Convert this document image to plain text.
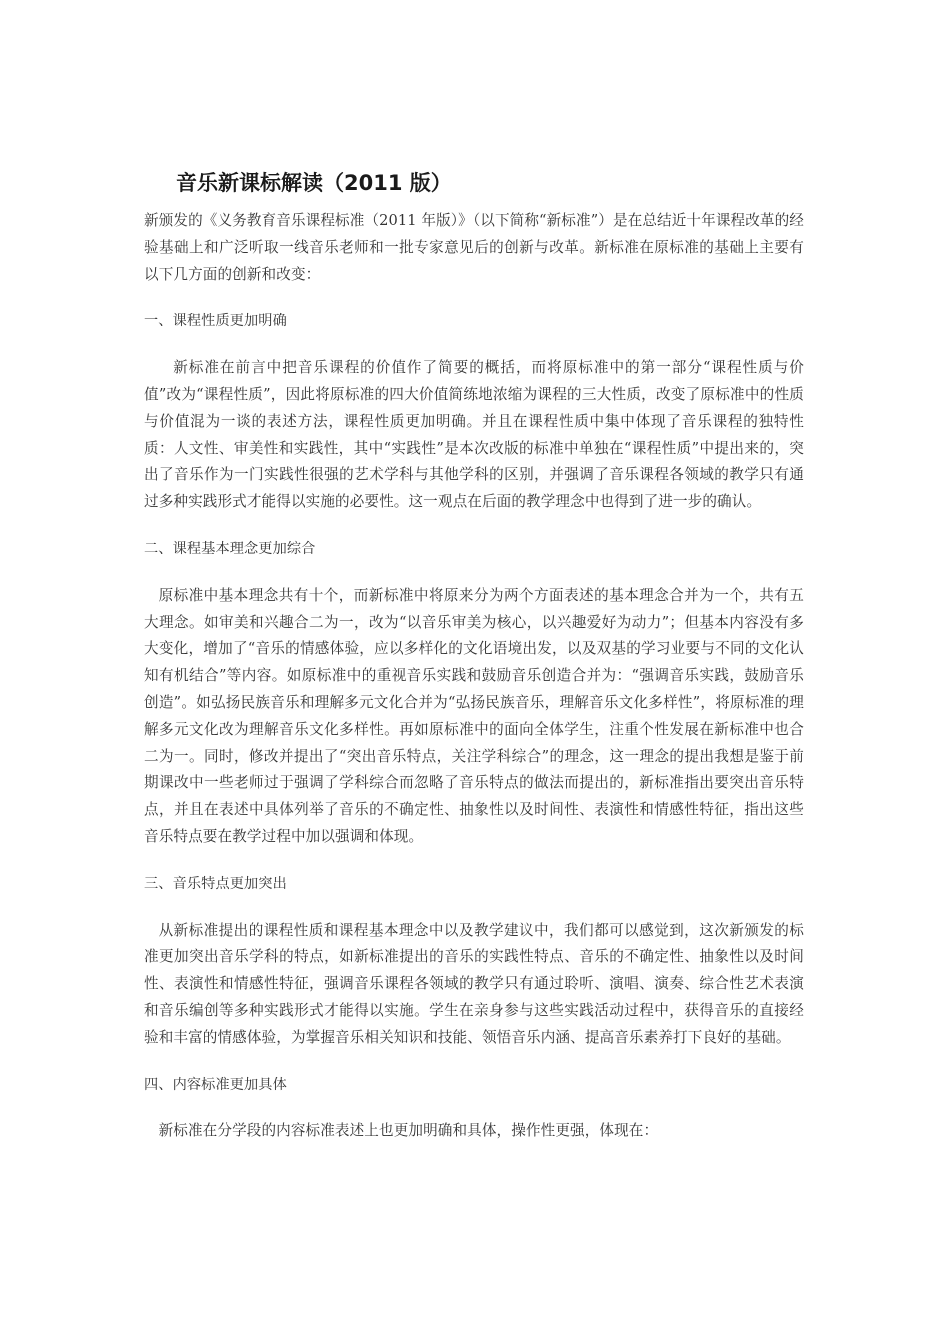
音乐新课标解读（2011 版）

新颁发的《义务教育音乐课程标准（2011 年版）》（以下简称“新标准”）是在总结近十年课程改革的经验基础上和广泛听取一线音乐老师和一批专家意见后的创新与改革。新标准在原标准的基础上主要有以下几方面的创新和改变：

一、课程性质更加明确

新标准在前言中把音乐课程的价值作了简要的概括，而将原标准中的第一部分“课程性质与价值”改为“课程性质”，因此将原标准的四大价值简练地浓缩为课程的三大性质，改变了原标准中的性质与价值混为一谈的表述方法，课程性质更加明确。并且在课程性质中集中体现了音乐课程的独特性质：人文性、审美性和实践性，其中“实践性”是本次改版的标准中单独在“课程性质”中提出来的，突出了音乐作为一门实践性很强的艺术学科与其他学科的区别，并强调了音乐课程各领域的教学只有通过多种实践形式才能得以实施的必要性。这一观点在后面的教学理念中也得到了进一步的确认。

二、课程基本理念更加综合

原标准中基本理念共有十个，而新标准中将原来分为两个方面表述的基本理念合并为一个，共有五大理念。如审美和兴趣合二为一，改为“以音乐审美为核心，以兴趣爱好为动力”；但基本内容没有多大变化，增加了“音乐的情感体验，应以多样化的文化语境出发，以及双基的学习业要与不同的文化认知有机结合”等内容。如原标准中的重视音乐实践和鼓励音乐创造合并为：“强调音乐实践，鼓励音乐创造”。如弘扬民族音乐和理解多元文化合并为“弘扬民族音乐，理解音乐文化多样性”，将原标准的理解多元文化改为理解音乐文化多样性。再如原标准中的面向全体学生，注重个性发展在新标准中也合二为一。同时，修改并提出了“突出音乐特点，关注学科综合”的理念，这一理念的提出我想是鉴于前期课改中一些老师过于强调了学科综合而忽略了音乐特点的做法而提出的，新标准指出要突出音乐特点，并且在表述中具体列举了音乐的不确定性、抽象性以及时间性、表演性和情感性特征，指出这些音乐特点要在教学过程中加以强调和体现。

三、音乐特点更加突出

从新标准提出的课程性质和课程基本理念中以及教学建议中，我们都可以感觉到，这次新颁发的标准更加突出音乐学科的特点，如新标准提出的音乐的实践性特点、音乐的不确定性、抽象性以及时间性、表演性和情感性特征，强调音乐课程各领域的教学只有通过聆听、演唱、演奏、综合性艺术表演和音乐编创等多种实践形式才能得以实施。学生在亲身参与这些实践活动过程中，获得音乐的直接经验和丰富的情感体验，为掌握音乐相关知识和技能、领悟音乐内涵、提高音乐素养打下良好的基础。

四、内容标准更加具体

新标准在分学段的内容标准表述上也更加明确和具体，操作性更强，体现在：
